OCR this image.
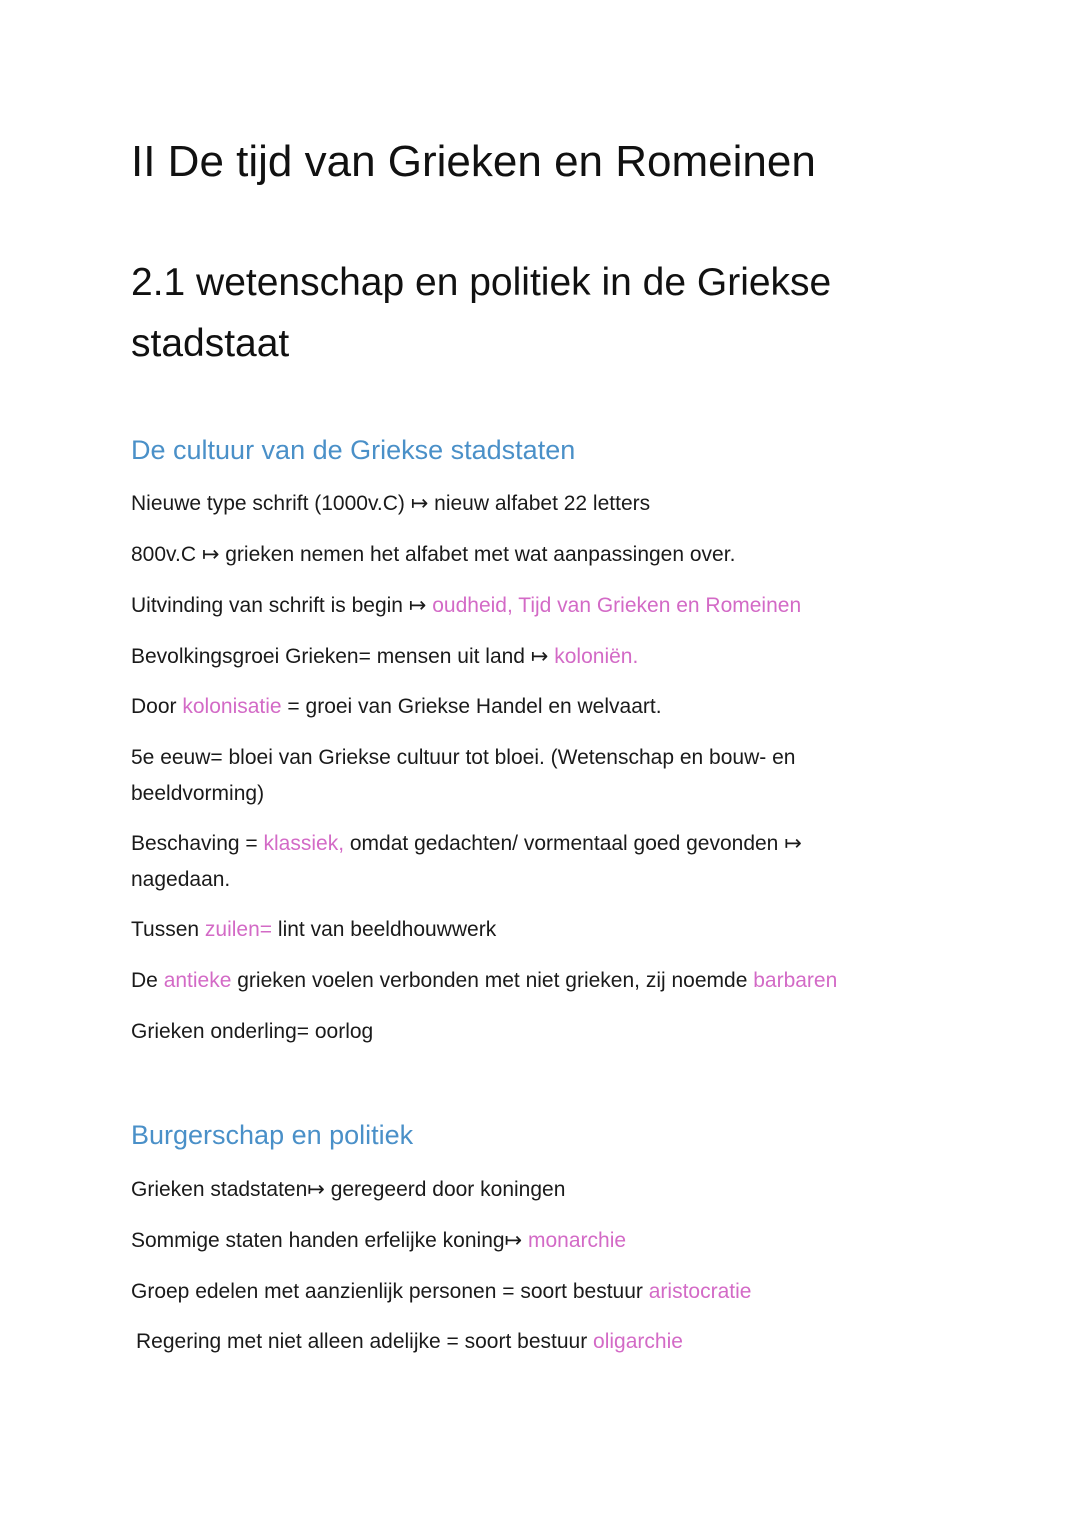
II De tijd van Grieken en Romeinen
2.1 wetenschap en politiek in de Griekse stadstaat
De cultuur van de Griekse stadstaten

Nieuwe type schrift (1000v.C) ↦ nieuw alfabet 22 letters

800v.C ↦ grieken nemen het alfabet met wat aanpassingen over.

Uitvinding van schrift is begin ↦ oudheid, Tijd van Grieken en Romeinen

Bevolkingsgroei Grieken= mensen uit land ↦ koloniën.

Door kolonisatie = groei van Griekse Handel en welvaart.

5e eeuw= bloei van Griekse cultuur tot bloei. (Wetenschap en bouw- en beeldvorming)

Beschaving = klassiek, omdat gedachten/ vormentaal goed gevonden ↦ nagedaan.

Tussen zuilen= lint van beeldhouwwerk

De antieke grieken voelen verbonden met niet grieken, zij noemde barbaren

Grieken onderling= oorlog

Burgerschap en politiek

Grieken stadstaten↦ geregeerd door koningen

Sommige staten handen erfelijke koning↦ monarchie

Groep edelen met aanzienlijk personen = soort bestuur aristocratie

Regering met niet alleen adelijke = soort bestuur oligarchie
